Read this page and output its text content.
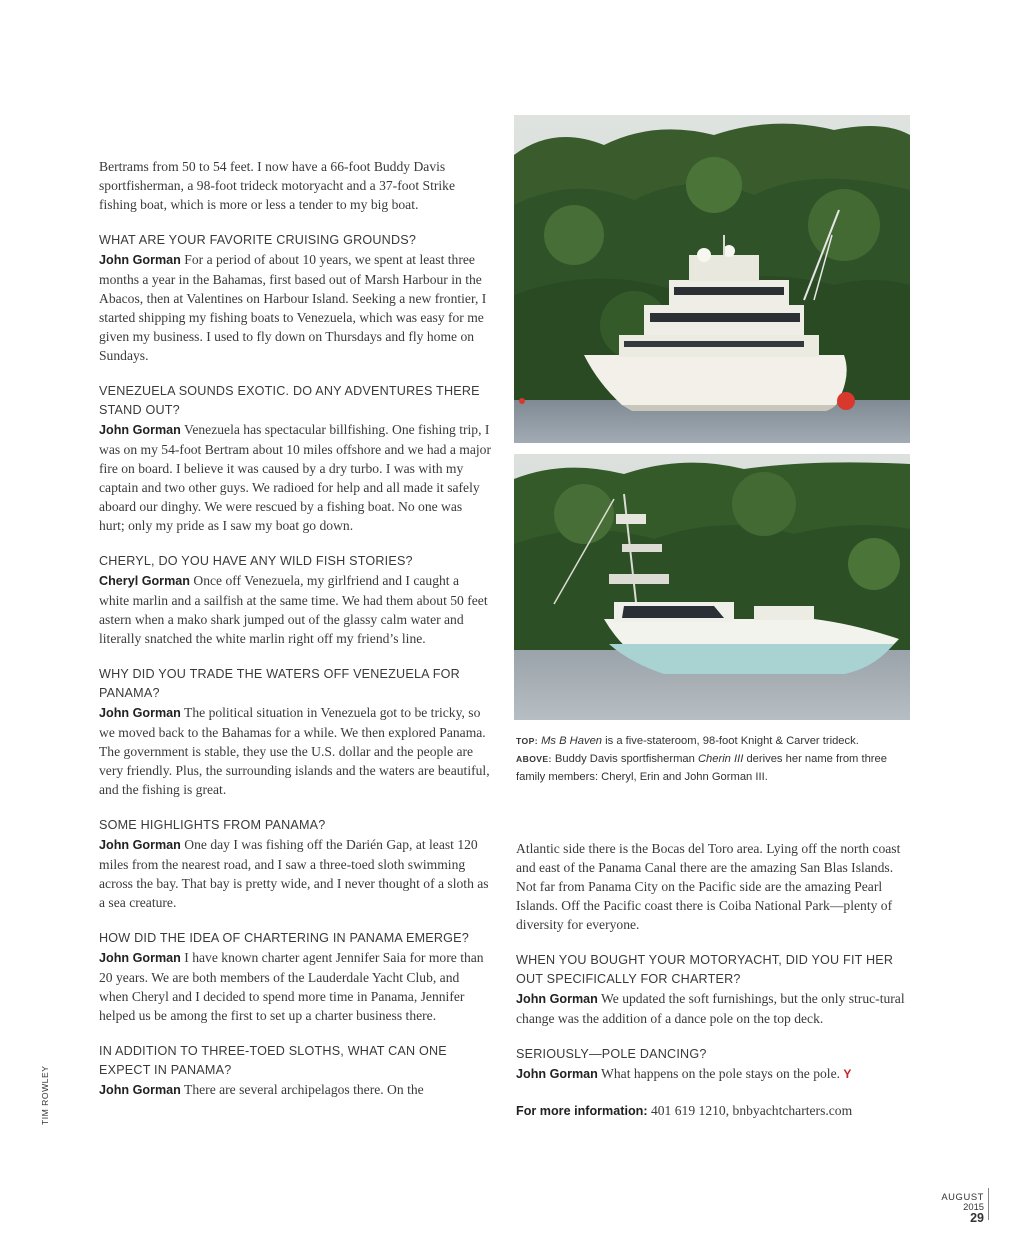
Bertrams from 50 to 54 feet. I now have a 66-foot Buddy Davis sportfisherman, a 98-foot trideck motoryacht and a 37-foot Strike fishing boat, which is more or less a tender to my big boat.

WHAT ARE YOUR FAVORITE CRUISING GROUNDS?
John Gorman For a period of about 10 years, we spent at least three months a year in the Bahamas, first based out of Marsh Harbour in the Abacos, then at Valentines on Harbour Island. Seeking a new frontier, I started shipping my fishing boats to Venezuela, which was easy for me given my business. I used to fly down on Thursdays and fly home on Sundays.

VENEZUELA SOUNDS EXOTIC. DO ANY ADVENTURES THERE STAND OUT?
John Gorman Venezuela has spectacular billfishing. One fishing trip, I was on my 54-foot Bertram about 10 miles offshore and we had a major fire on board. I believe it was caused by a dry turbo. I was with my captain and two other guys. We radioed for help and all made it safely aboard our dinghy. We were rescued by a fishing boat. No one was hurt; only my pride as I saw my boat go down.

CHERYL, DO YOU HAVE ANY WILD FISH STORIES?
Cheryl Gorman Once off Venezuela, my girlfriend and I caught a white marlin and a sailfish at the same time. We had them about 50 feet astern when a mako shark jumped out of the glassy calm water and literally snatched the white marlin right off my friend’s line.

WHY DID YOU TRADE THE WATERS OFF VENEZUELA FOR PANAMA?
John Gorman The political situation in Venezuela got to be tricky, so we moved back to the Bahamas for a while. We then explored Panama. The government is stable, they use the U.S. dollar and the people are very friendly. Plus, the surrounding islands and the waters are beautiful, and the fishing is great.

SOME HIGHLIGHTS FROM PANAMA?
John Gorman One day I was fishing off the Darién Gap, at least 120 miles from the nearest road, and I saw a three-toed sloth swimming across the bay. That bay is pretty wide, and I never thought of a sloth as a sea creature.

HOW DID THE IDEA OF CHARTERING IN PANAMA EMERGE?
John Gorman I have known charter agent Jennifer Saia for more than 20 years. We are both members of the Lauderdale Yacht Club, and when Cheryl and I decided to spend more time in Panama, Jennifer helped us be among the first to set up a charter business there.

IN ADDITION TO THREE-TOED SLOTHS, WHAT CAN ONE EXPECT IN PANAMA?
John Gorman There are several archipelagos there. On the

TOP: Ms B Haven is a five-stateroom, 98-foot Knight & Carver trideck.
ABOVE: Buddy Davis sportfisherman Cherin III derives her name from three family members: Cheryl, Erin and John Gorman III.

Atlantic side there is the Bocas del Toro area. Lying off the north coast and east of the Panama Canal there are the amazing San Blas Islands. Not far from Panama City on the Pacific side are the amazing Pearl Islands. Off the Pacific coast there is Coiba National Park—plenty of diversity for everyone.

WHEN YOU BOUGHT YOUR MOTORYACHT, DID YOU FIT HER OUT SPECIFICALLY FOR CHARTER?
John Gorman We updated the soft furnishings, but the only struc-tural change was the addition of a dance pole on the top deck.

SERIOUSLY—POLE DANCING?
John Gorman What happens on the pole stays on the pole. Y

For more information: 401 619 1210, bnbyachtcharters.com

TIM ROWLEY
AUGUST
2015
29
